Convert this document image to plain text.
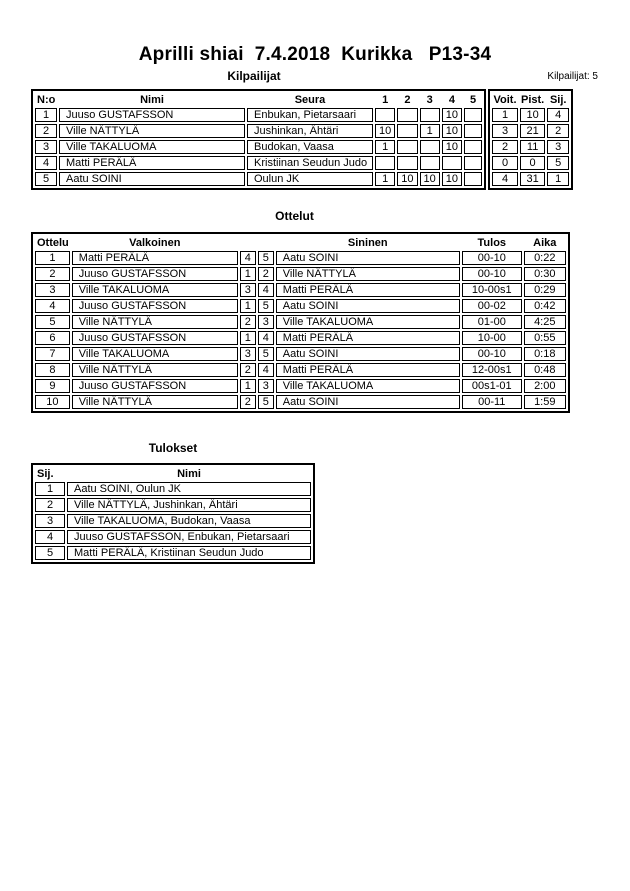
Aprilli shiai  7.4.2018  Kurikka   P13-34
Kilpailijat	Kilpailijat: 5
N:o	Nimi	Seura	1	2	3	4	5
1	Juuso GUSTAFSSON	Enbukan, Pietarsaari				10	
2	Ville NÄTTYLÄ	Jushinkan, Ähtäri	10		1	10	
3	Ville TAKALUOMA	Budokan, Vaasa	1			10	
4	Matti PERÄLÄ	Kristiinan Seudun Judo					
5	Aatu SOINI	Oulun JK	1	10	10	10	
Voit.	Pist.	Sij.
1	10	4
3	21	2
2	11	3
0	0	5
4	31	1
Ottelut
Ottelu	Valkoinen			Sininen	Tulos	Aika
1	Matti PERÄLÄ	4	5	Aatu SOINI	00-10	0:22
2	Juuso GUSTAFSSON	1	2	Ville NÄTTYLÄ	00-10	0:30
3	Ville TAKALUOMA	3	4	Matti PERÄLÄ	10-00s1	0:29
4	Juuso GUSTAFSSON	1	5	Aatu SOINI	00-02	0:42
5	Ville NÄTTYLÄ	2	3	Ville TAKALUOMA	01-00	4:25
6	Juuso GUSTAFSSON	1	4	Matti PERÄLÄ	10-00	0:55
7	Ville TAKALUOMA	3	5	Aatu SOINI	00-10	0:18
8	Ville NÄTTYLÄ	2	4	Matti PERÄLÄ	12-00s1	0:48
9	Juuso GUSTAFSSON	1	3	Ville TAKALUOMA	00s1-01	2:00
10	Ville NÄTTYLÄ	2	5	Aatu SOINI	00-11	1:59
Tulokset
Sij.	Nimi
1	Aatu SOINI, Oulun JK
2	Ville NÄTTYLÄ, Jushinkan, Ähtäri
3	Ville TAKALUOMA, Budokan, Vaasa
4	Juuso GUSTAFSSON, Enbukan, Pietarsaari
5	Matti PERÄLÄ, Kristiinan Seudun Judo
